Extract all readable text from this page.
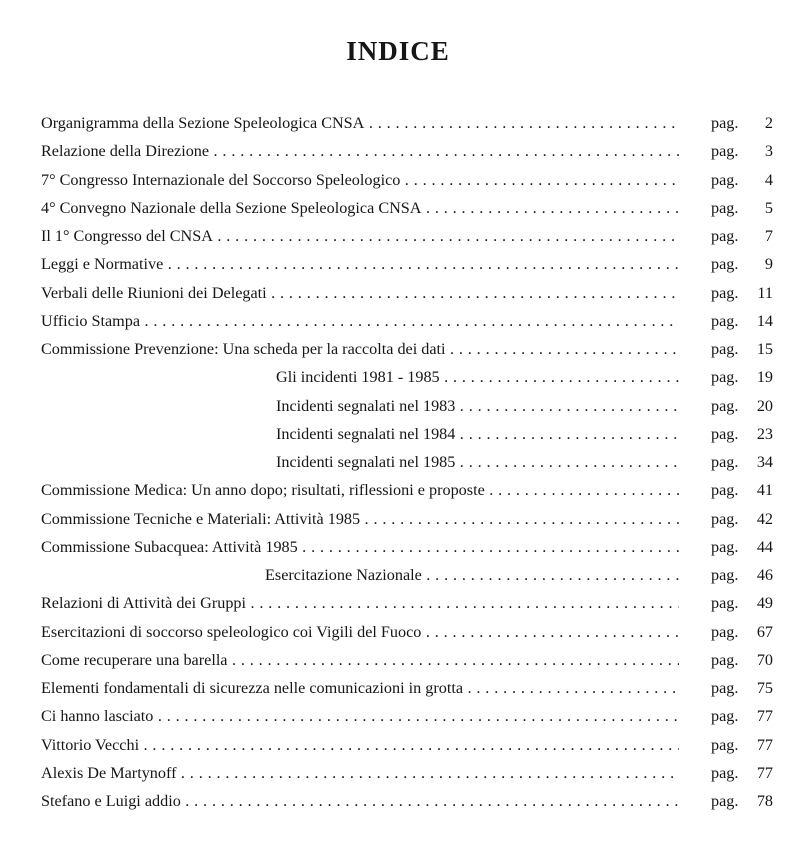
INDICE
Organigramma della Sezione Speleologica CNSA . . .	pag. 2
Relazione della Direzione . . .	pag. 3
7° Congresso Internazionale del Soccorso Speleologico . . .	pag. 4
4° Convegno Nazionale della Sezione Speleologica CNSA . . .	pag. 5
Il 1° Congresso del CNSA . . .	pag. 7
Leggi e Normative . . .	pag. 9
Verbali delle Riunioni dei Delegati . . .	pag. 11
Ufficio Stampa . . .	pag. 14
Commissione Prevenzione: Una scheda per la raccolta dei dati . . .	pag. 15
Gli incidenti 1981 - 1985 . . .	pag. 19
Incidenti segnalati nel 1983 . . .	pag. 20
Incidenti segnalati nel 1984 . . .	pag. 23
Incidenti segnalati nel 1985 . . .	pag. 34
Commissione Medica: Un anno dopo; risultati, riflessioni e proposte . . .	pag. 41
Commissione Tecniche e Materiali: Attività 1985 . . .	pag. 42
Commissione Subacquea: Attività 1985 . . .	pag. 44
Esercitazione Nazionale . . .	pag. 46
Relazioni di Attività dei Gruppi . . .	pag. 49
Esercitazioni di soccorso speleologico coi Vigili del Fuoco . . .	pag. 67
Come recuperare una barella . . .	pag. 70
Elementi fondamentali di sicurezza nelle comunicazioni in grotta . . .	pag. 75
Ci hanno lasciato . . .	pag. 77
Vittorio Vecchi . . .	pag. 77
Alexis De Martynoff . . .	pag. 77
Stefano e Luigi addio . . .	pag. 78
